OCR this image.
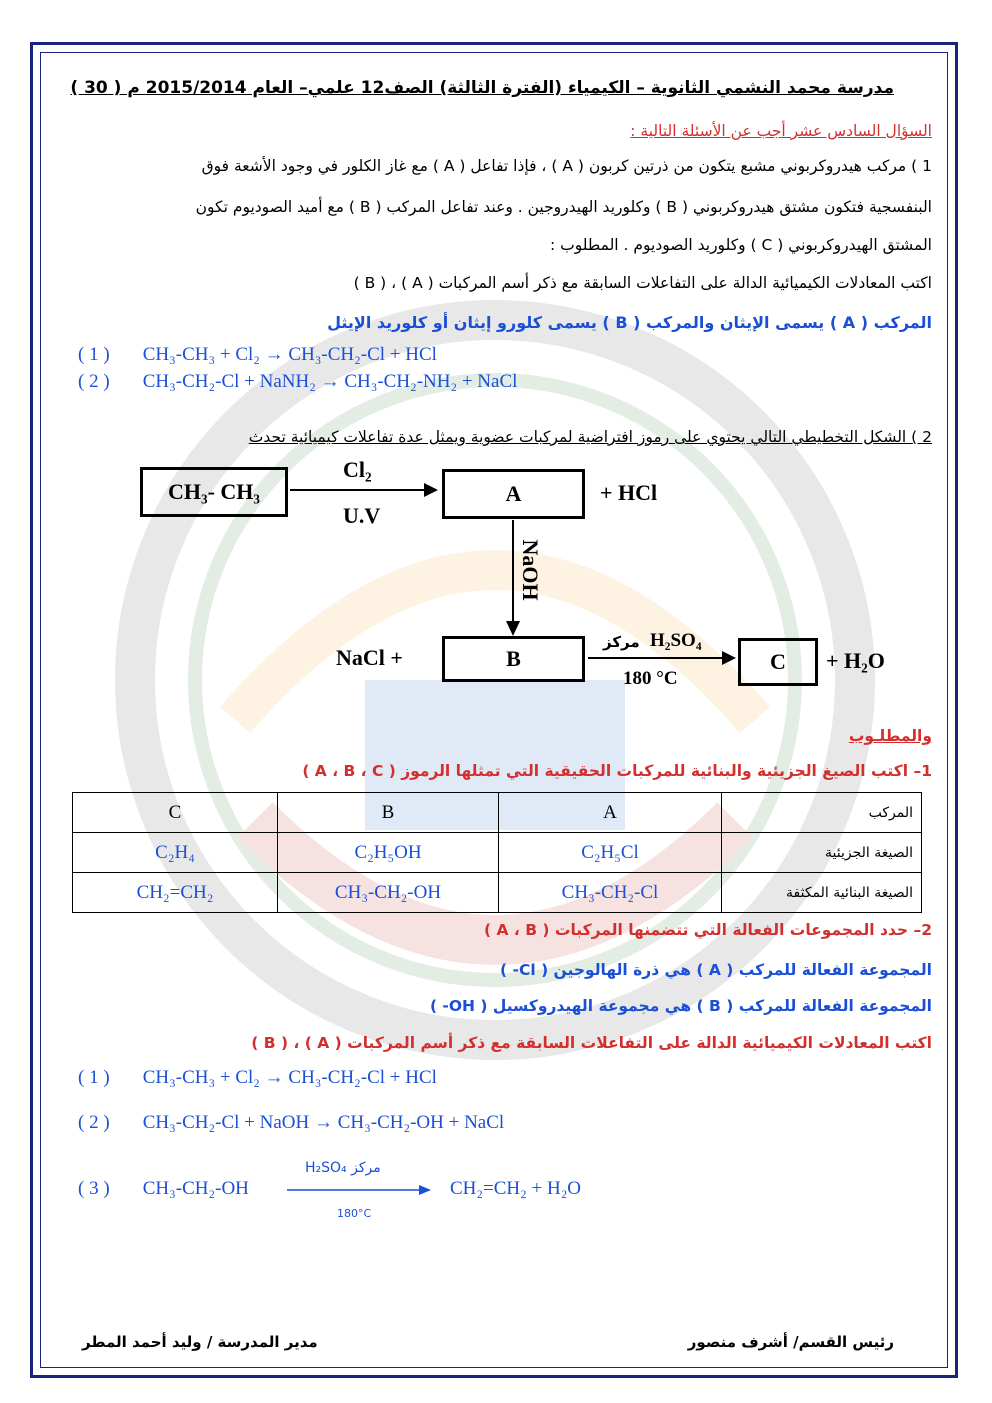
مدرسة محمد النشمي الثانوية – الكيمياء (الفترة الثالثة) الصف12 علمي– العام 2015/2014 م ( 30 )
السؤال السادس عشر أجب عن الأسئلة التالية :
1 ) مركب هيدروكربوني مشبع يتكون من ذرتين كربون ( A ) ، فإذا تفاعل ( A ) مع غاز الكلور في وجود الأشعة فوق
البنفسجية فتكون مشتق هيدروكربوني ( B ) وكلوريد الهيدروجين . وعند تفاعل المركب ( B ) مع أميد الصوديوم تكون
المشتق الهيدروكربوني ( C ) وكلوريد الصوديوم . المطلوب :
اكتب المعادلات الكيميائية الدالة على التفاعلات السابقة مع ذكر أسم المركبات ( A ) ، ( B )
المركب ( A ) يسمى الإيثان والمركب ( B ) يسمى كلورو إيثان أو كلوريد الإيثل
( 1 ) CH₃-CH₃ + Cl₂ → CH₃-CH₂-Cl + HCl
( 2 ) CH₃-CH₂-Cl + NaNH₂ → CH₃-CH₂-NH₂ + NaCl
2 ) الشكل التخطيطي التالي يحتوي على رموز افتراضية لمركبات عضوية ويمثل عدة تفاعلات كيميائية تحدث
CH₃- CH₃
Cl₂
U.V
A	+ HCl
NaOH
B
NaCl +
H₂SO₄
مركز
180 °C
C	+ H₂O
والمطلـوب
1– اكتب الصيغ الجزيئية والبنائية للمركبات الحقيقية التي تمثلها الرموز ( A ، B ، C )
C	B	A	المركب
C₂H₄	C₂H₅OH	C₂H₅Cl	الصيغة الجزيئية
CH₂=CH₂	CH₃-CH₂-OH	CH₃-CH₂-Cl	الصيغة البنائية المكثفة
2– حدد المجموعات الفعالة التي تتضمنها المركبات ( A ، B )
المجموعة الفعالة للمركب ( A ) هي ذرة الهالوجين ( Cl- )
المجموعة الفعالة للمركب ( B ) هي مجموعة الهيدروكسيل ( OH- )
اكتب المعادلات الكيميائية الدالة على التفاعلات السابقة مع ذكر أسم المركبات ( A ) ، ( B )
( 1 ) CH₃-CH₃ + Cl₂ → CH₃-CH₂-Cl + HCl
( 2 ) CH₃-CH₂-Cl + NaOH → CH₃-CH₂-OH + NaCl
( 3 ) CH₃-CH₂-OH
H₂SO₄ مركز
180°C
CH₂=CH₂ + H₂O
رئيس القسم/ أشرف منصور
مدير المدرسة / وليد أحمد المطر
